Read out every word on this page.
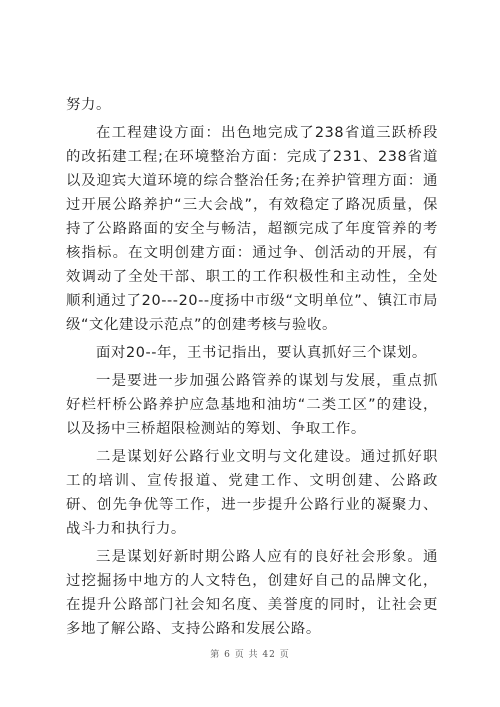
努力。

在工程建设方面：出色地完成了238省道三跃桥段的改拓建工程;在环境整治方面：完成了231、238省道以及迎宾大道环境的综合整治任务;在养护管理方面：通过开展公路养护“三大会战”，有效稳定了路况质量，保持了公路路面的安全与畅洁，超额完成了年度管养的考核指标。在文明创建方面：通过争、创活动的开展，有效调动了全处干部、职工的工作积极性和主动性，全处顺利通过了20---20--度扬中市级“文明单位”、镇江市局级“文化建设示范点”的创建考核与验收。

面对20--年，王书记指出，要认真抓好三个谋划。

一是要进一步加强公路管养的谋划与发展，重点抓好栏杆桥公路养护应急基地和油坊“二类工区”的建设，以及扬中三桥超限检测站的筹划、争取工作。

二是谋划好公路行业文明与文化建设。通过抓好职工的培训、宣传报道、党建工作、文明创建、公路政研、创先争优等工作，进一步提升公路行业的凝聚力、战斗力和执行力。

三是谋划好新时期公路人应有的良好社会形象。通过挖掘扬中地方的人文特色，创建好自己的品牌文化，在提升公路部门社会知名度、美誉度的同时，让社会更多地了解公路、支持公路和发展公路。

第 6 页 共 42 页
